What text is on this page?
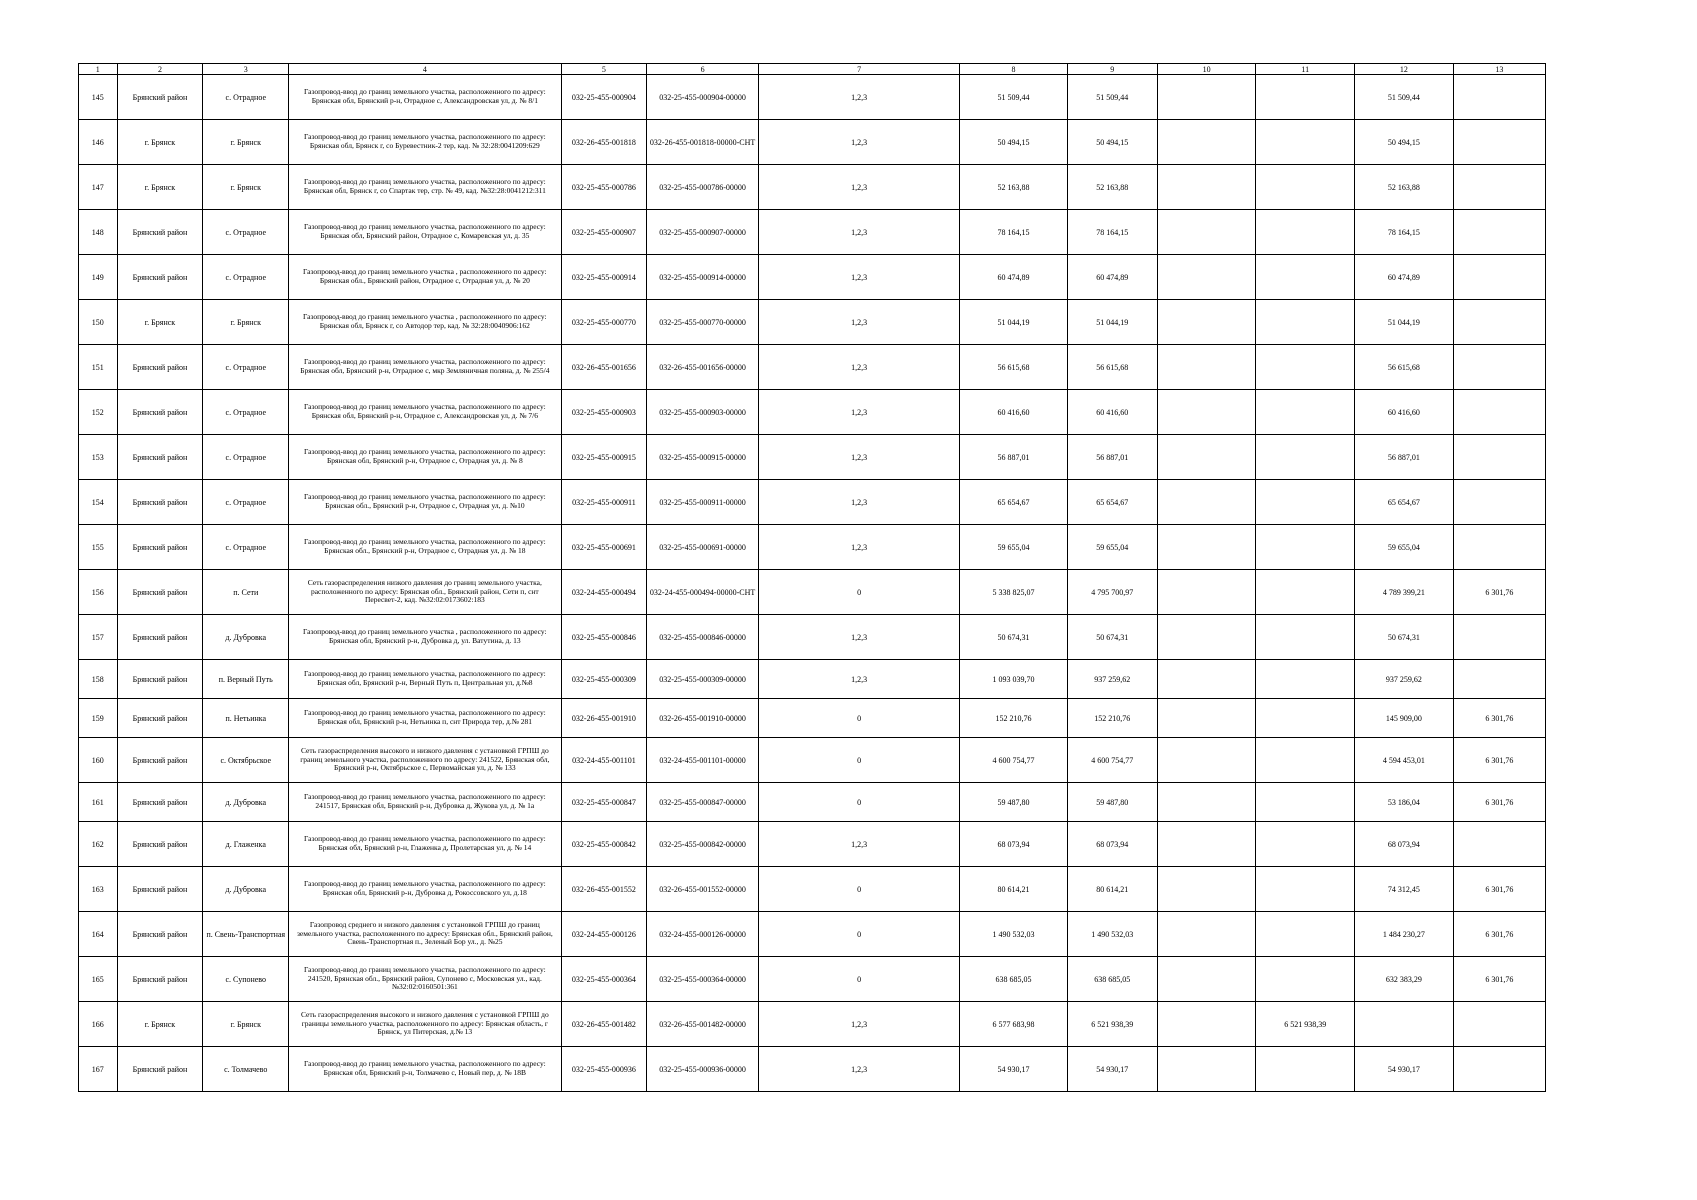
1	2	3	4	5	6	7	8	9	10	11	12	13
145	Брянский район	с. Отрадное	Газопровод-ввод до границ земельного участка, расположенного по адресу: Брянская обл, Брянский р-н, Отрадное с, Александровская ул, д. № 8/1	032-25-455-000904	032-25-455-000904-00000	1,2,3	51 509,44	51 509,44			51 509,44	
146	г. Брянск	г. Брянск	Газопровод-ввод до границ земельного участка, расположенного по адресу: Брянская обл, Брянск г, со Буревестник-2 тер, кад. № 32:28:0041209:629	032-26-455-001818	032-26-455-001818-00000-СНТ	1,2,3	50 494,15	50 494,15			50 494,15	
147	г. Брянск	г. Брянск	Газопровод-ввод до границ земельного участка, расположенного по адресу: Брянская обл, Брянск г, со Спартак тер, стр. № 49, кад. №32:28:0041212:311	032-25-455-000786	032-25-455-000786-00000	1,2,3	52 163,88	52 163,88			52 163,88	
148	Брянский район	с. Отрадное	Газопровод-ввод до границ земельного участка, расположенного по адресу: Брянская обл, Брянский район, Отрадное с, Комаревская ул, д. 35	032-25-455-000907	032-25-455-000907-00000	1,2,3	78 164,15	78 164,15			78 164,15	
149	Брянский район	с. Отрадное	Газопровод-ввод до границ земельного участка , расположенного по адресу: Брянская обл., Брянский район, Отрадное с, Отрадная ул, д. № 20	032-25-455-000914	032-25-455-000914-00000	1,2,3	60 474,89	60 474,89			60 474,89	
150	г. Брянск	г. Брянск	Газопровод-ввод до границ земельного участка , расположенного по адресу: Брянская обл, Брянск г, со Автодор тер, кад. № 32:28:0040906:162	032-25-455-000770	032-25-455-000770-00000	1,2,3	51 044,19	51 044,19			51 044,19	
151	Брянский район	с. Отрадное	Газопровод-ввод до границ земельного участка, расположенного по адресу: Брянская обл, Брянский р-н, Отрадное с, мкр Земляничная поляна, д. № 255/4	032-26-455-001656	032-26-455-001656-00000	1,2,3	56 615,68	56 615,68			56 615,68	
152	Брянский район	с. Отрадное	Газопровод-ввод до границ земельного участка, расположенного по адресу: Брянская обл, Брянский р-н, Отрадное с, Александровская ул, д. № 7/6	032-25-455-000903	032-25-455-000903-00000	1,2,3	60 416,60	60 416,60			60 416,60	
153	Брянский район	с. Отрадное	Газопровод-ввод до границ земельного участка, расположенного по адресу: Брянская обл, Брянский р-н, Отрадное с, Отрадная ул, д. № 8	032-25-455-000915	032-25-455-000915-00000	1,2,3	56 887,01	56 887,01			56 887,01	
154	Брянский район	с. Отрадное	Газопровод-ввод до границ земельного участка, расположенного по адресу: Брянская обл., Брянский р-н, Отрадное с, Отрадная ул, д. №10	032-25-455-000911	032-25-455-000911-00000	1,2,3	65 654,67	65 654,67			65 654,67	
155	Брянский район	с. Отрадное	Газопровод-ввод до границ земельного участка, расположенного по адресу: Брянская обл., Брянский р-н, Отрадное с, Отрадная ул, д. № 18	032-25-455-000691	032-25-455-000691-00000	1,2,3	59 655,04	59 655,04			59 655,04	
156	Брянский район	п. Сети	Сеть газораспределения низкого давления до границ земельного участка, расположенного по адресу: Брянская обл., Брянский район, Сети п, снт Пересвет-2, кад. №32:02:0173602:183	032-24-455-000494	032-24-455-000494-00000-СНТ	0	5 338 825,07	4 795 700,97			4 789 399,21	6 301,76
157	Брянский район	д. Дубровка	Газопровод-ввод до границ земельного участка , расположенного по адресу: Брянская обл, Брянский р-н, Дубровка д, ул. Ватутина, д. 13	032-25-455-000846	032-25-455-000846-00000	1,2,3	50 674,31	50 674,31			50 674,31	
158	Брянский район	п. Верный Путь	Газопровод-ввод до границ земельного участка, расположенного по адресу: Брянская обл, Брянский р-н, Верный Путь п, Центральная ул, д.№8	032-25-455-000309	032-25-455-000309-00000	1,2,3	1 093 039,70	937 259,62			937 259,62	
159	Брянский район	п. Нетьинка	Газопровод-ввод до границ земельного участка, расположенного по адресу: Брянская обл, Брянский р-н, Нетьинка п, снт Природа тер, д.№ 281	032-26-455-001910	032-26-455-001910-00000	0	152 210,76	152 210,76			145 909,00	6 301,76
160	Брянский район	с. Октябрьское	Сеть газораспределения высокого и низкого давления с установкой ГРПШ до границ земельного участка, расположенного по адресу: 241522, Брянская обл, Брянский р-н, Октябрьское с, Первомайская ул, д. № 133	032-24-455-001101	032-24-455-001101-00000	0	4 600 754,77	4 600 754,77			4 594 453,01	6 301,76
161	Брянский район	д. Дубровка	Газопровод-ввод до границ земельного участка, расположенного по адресу: 241517, Брянская обл, Брянский р-н, Дубровка д, Жукова ул, д. № 1а	032-25-455-000847	032-25-455-000847-00000	0	59 487,80	59 487,80			53 186,04	6 301,76
162	Брянский район	д. Глаженка	Газопровод-ввод до границ земельного участка, расположенного по адресу: Брянская обл, Брянский р-н, Глаженка д, Пролетарская ул, д. № 14	032-25-455-000842	032-25-455-000842-00000	1,2,3	68 073,94	68 073,94			68 073,94	
163	Брянский район	д. Дубровка	Газопровод-ввод до границ земельного участка, расположенного по адресу: Брянская обл, Брянский р-н, Дубровка д, Рокоссовского ул, д.18	032-26-455-001552	032-26-455-001552-00000	0	80 614,21	80 614,21			74 312,45	6 301,76
164	Брянский район	п. Свень-Транспортная	Газопровод среднего и низкого давления с установкой ГРПШ до границ земельного участка, расположенного по адресу: Брянская обл., Брянский район, Свень-Транспортная п., Зеленый Бор ул., д. №25	032-24-455-000126	032-24-455-000126-00000	0	1 490 532,03	1 490 532,03			1 484 230,27	6 301,76
165	Брянский район	с. Супонево	Газопровод-ввод до границ земельного участка, расположенного по адресу: 241520, Брянская обл., Брянский район, Супонево с, Московская ул., кад. №32:02:0160501:361	032-25-455-000364	032-25-455-000364-00000	0	638 685,05	638 685,05			632 383,29	6 301,76
166	г. Брянск	г. Брянск	Сеть газораспределения высокого и низкого давления с установкой ГРПШ до границы земельного участка, расположенного по адресу: Брянская область, г Брянск, ул Питерская, д.№ 13	032-26-455-001482	032-26-455-001482-00000	1,2,3	6 577 683,98	6 521 938,39		6 521 938,39		
167	Брянский район	с. Толмачево	Газопровод-ввод до границ земельного участка, расположенного по адресу: Брянская обл, Брянский р-н, Толмачево с, Новый пер, д. № 18В	032-25-455-000936	032-25-455-000936-00000	1,2,3	54 930,17	54 930,17			54 930,17	
